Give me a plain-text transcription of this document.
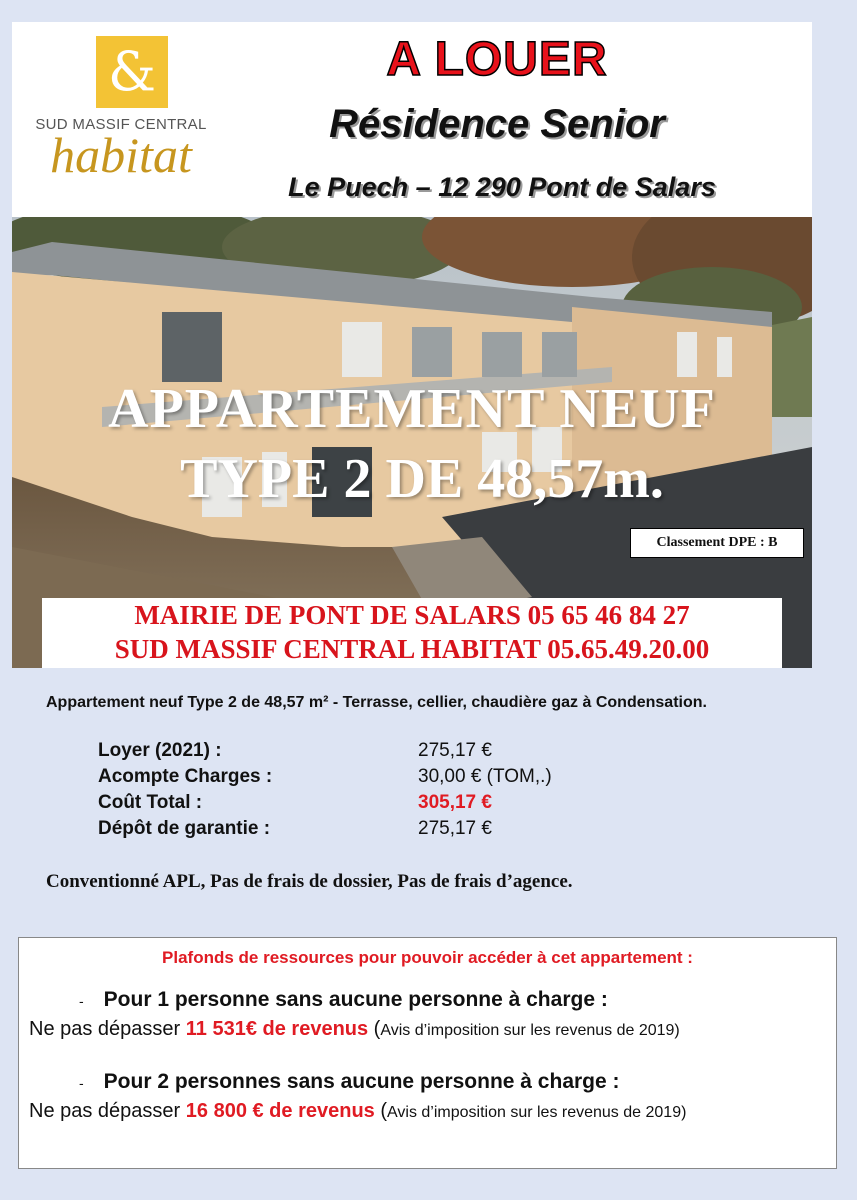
&
SUD MASSIF CENTRAL
habitat
A LOUER
Résidence Senior
Le Puech – 12 290 Pont de Salars
APPARTEMENT NEUF
TYPE 2 DE 48,57m.
Classement DPE : B
MAIRIE DE PONT DE SALARS 05 65 46 84 27
SUD MASSIF CENTRAL HABITAT 05.65.49.20.00
Appartement neuf Type 2 de 48,57 m² - Terrasse, cellier, chaudière gaz à Condensation.
Loyer (2021) :	275,17 €
Acompte Charges :	30,00 € (TOM,.)
Coût Total :	305,17 €
Dépôt de garantie :	275,17 €
Conventionné APL, Pas de frais de dossier, Pas de frais d’agence.
Plafonds de ressources pour pouvoir accéder à cet appartement :
- Pour 1 personne sans aucune personne à charge :
Ne pas dépasser 11 531€ de revenus (Avis d’imposition sur les revenus de 2019)
- Pour 2 personnes sans aucune personne à charge :
Ne pas dépasser 16 800 € de revenus (Avis d’imposition sur les revenus de 2019)
